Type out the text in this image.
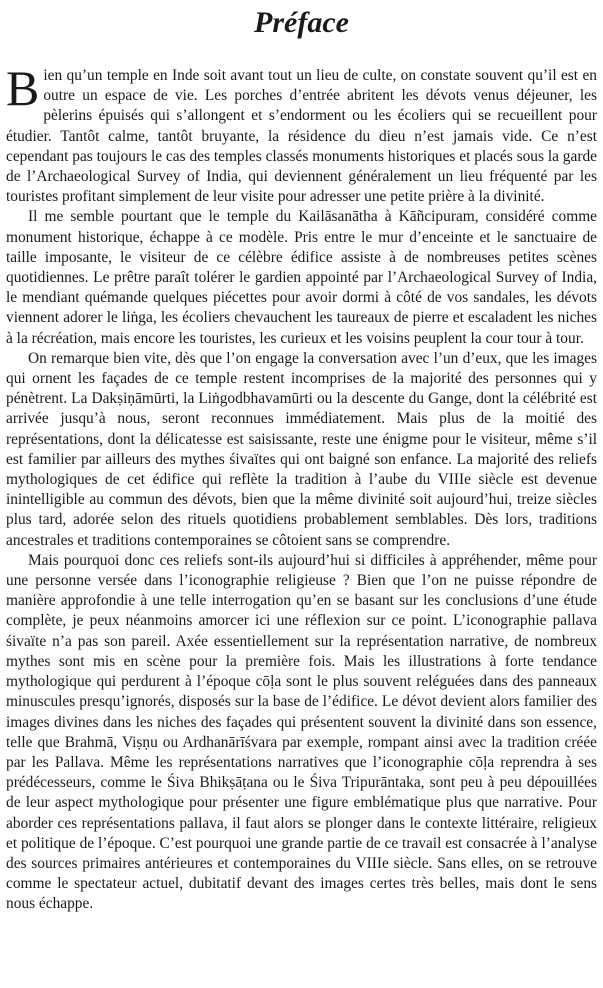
Préface

Bien qu’un temple en Inde soit avant tout un lieu de culte, on constate souvent qu’il est en outre un espace de vie. Les porches d’entrée abritent les dévots venus déjeuner, les pèlerins épuisés qui s’allongent et s’endorment ou les écoliers qui se recueillent pour étudier. Tantôt calme, tantôt bruyante, la résidence du dieu n’est jamais vide. Ce n’est cependant pas toujours le cas des temples classés monuments historiques et placés sous la garde de l’Archaeological Survey of India, qui deviennent généralement un lieu fréquenté par les touristes profitant simplement de leur visite pour adresser une petite prière à la divinité.

Il me semble pourtant que le temple du Kailāsanātha à Kāñcipuram, considéré comme monument historique, échappe à ce modèle. Pris entre le mur d’enceinte et le sanctuaire de taille imposante, le visiteur de ce célèbre édifice assiste à de nombreuses petites scènes quotidiennes. Le prêtre paraît tolérer le gardien appointé par l’Archaeological Survey of India, le mendiant quémande quelques piécettes pour avoir dormi à côté de vos sandales, les dévots viennent adorer le liṅga, les écoliers chevauchent les taureaux de pierre et escaladent les niches à la récréation, mais encore les touristes, les curieux et les voisins peuplent la cour tour à tour.

On remarque bien vite, dès que l’on engage la conversation avec l’un d’eux, que les images qui ornent les façades de ce temple restent incomprises de la majorité des personnes qui y pénètrent. La Dakṣiṇāmūrti, la Liṅgodbhavamūrti ou la descente du Gange, dont la célébrité est arrivée jusqu’à nous, seront reconnues immédiatement. Mais plus de la moitié des représentations, dont la délicatesse est saisissante, reste une énigme pour le visiteur, même s’il est familier par ailleurs des mythes śivaïtes qui ont baigné son enfance. La majorité des reliefs mythologiques de cet édifice qui reflète la tradition à l’aube du VIIIe siècle est devenue inintelligible au commun des dévots, bien que la même divinité soit aujourd’hui, treize siècles plus tard, adorée selon des rituels quotidiens probablement semblables. Dès lors, traditions ancestrales et traditions contemporaines se côtoient sans se comprendre.

Mais pourquoi donc ces reliefs sont-ils aujourd’hui si difficiles à appréhender, même pour une personne versée dans l’iconographie religieuse ? Bien que l’on ne puisse répondre de manière approfondie à une telle interrogation qu’en se basant sur les conclusions d’une étude complète, je peux néanmoins amorcer ici une réflexion sur ce point. L’iconographie pallava śivaïte n’a pas son pareil. Axée essentiellement sur la représentation narrative, de nombreux mythes sont mis en scène pour la première fois. Mais les illustrations à forte tendance mythologique qui perdurent à l’époque cōḷa sont le plus souvent reléguées dans des panneaux minuscules presqu’ignorés, disposés sur la base de l’édifice. Le dévot devient alors familier des images divines dans les niches des façades qui présentent souvent la divinité dans son essence, telle que Brahmā, Viṣṇu ou Ardhanārīśvara par exemple, rompant ainsi avec la tradition créée par les Pallava. Même les représentations narratives que l’iconographie cōḷa reprendra à ses prédécesseurs, comme le Śiva Bhikṣāṭana ou le Śiva Tripurāntaka, sont peu à peu dépouillées de leur aspect mythologique pour présenter une figure emblématique plus que narrative. Pour aborder ces représentations pallava, il faut alors se plonger dans le contexte littéraire, religieux et politique de l’époque. C’est pourquoi une grande partie de ce travail est consacrée à l’analyse des sources primaires antérieures et contemporaines du VIIIe siècle. Sans elles, on se retrouve comme le spectateur actuel, dubitatif devant des images certes très belles, mais dont le sens nous échappe.
